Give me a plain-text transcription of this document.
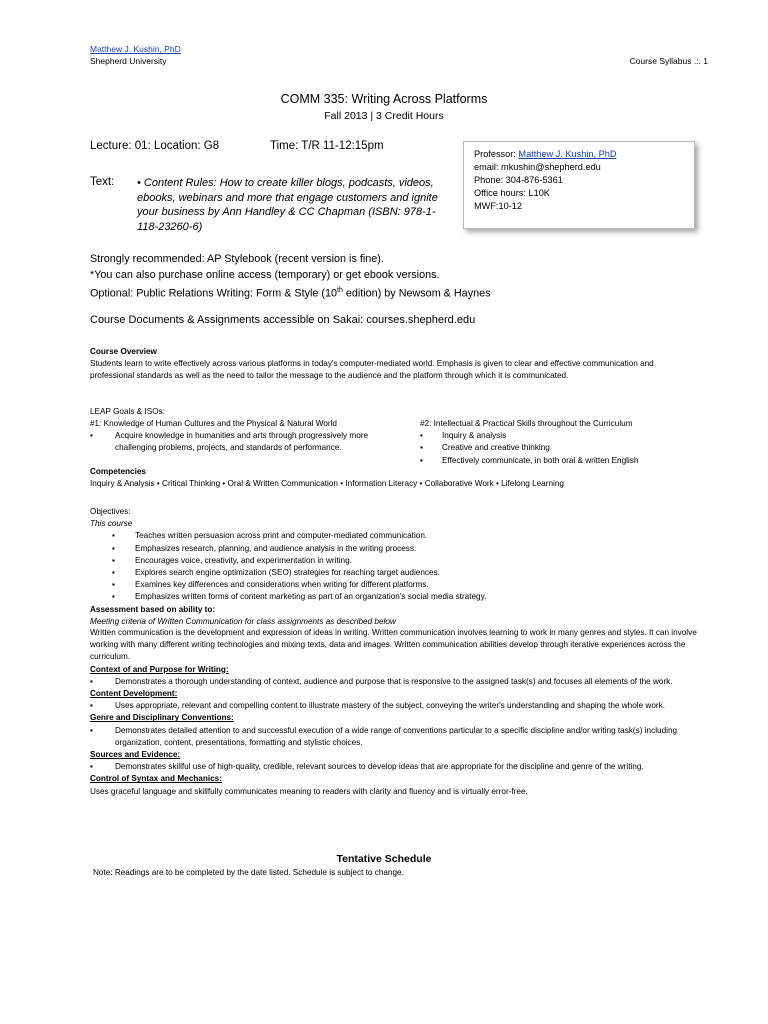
Matthew J. Kushin, PhD
Shepherd University	Course Syllabus .:. 1
COMM 335: Writing Across Platforms
Fall 2013 | 3 Credit Hours
Lecture: 01: Location: G8	Time: T/R 11-12:15pm
Text: • Content Rules: How to create killer blogs, podcasts, videos, ebooks, webinars and more that engage customers and ignite your business by Ann Handley & CC Chapman (ISBN: 978-1-118-23260-6)
Professor: Matthew J. Kushin, PhD
email: mkushin@shepherd.edu
Phone: 304-876-5361
Office hours: L10K
MWF:10-12
Strongly recommended: AP Stylebook (recent version is fine).
*You can also purchase online access (temporary) or get ebook versions.
Optional: Public Relations Writing: Form & Style (10th edition) by Newsom & Haynes
Course Documents & Assignments accessible on Sakai: courses.shepherd.edu
Course Overview
Students learn to write effectively across various platforms in today's computer-mediated world. Emphasis is given to clear and effective communication and professional standards as well as the need to tailor the message to the audience and the platform through which it is communicated.
LEAP Goals & ISOs:
#1: Knowledge of Human Cultures and the Physical & Natural World
▪ Acquire knowledge in humanities and arts through progressively more challenging problems, projects, and standards of performance.
#2: Intellectual & Practical Skills throughout the Curriculum
▪ Inquiry & analysis
▪ Creative and creative thinking
▪ Effectively communicate, in both oral & written English
Competencies
Inquiry & Analysis • Critical Thinking • Oral & Written Communication • Information Literacy • Collaborative Work • Lifelong Learning
Objectives:
This course
▪ Teaches written persuasion across print and computer-mediated communication.
▪ Emphasizes research, planning, and audience analysis in the writing process.
▪ Encourages voice, creativity, and experimentation in writing.
▪ Explores search engine optimization (SEO) strategies for reaching target audiences.
▪ Examines key differences and considerations when writing for different platforms.
▪ Emphasizes written forms of content marketing as part of an organization's social media strategy.
Assessment based on ability to:
Meeting criteria of Written Communication for class assignments as described below
Written communication is the development and expression of ideas in writing. Written communication involves learning to work in many genres and styles. It can involve working with many different writing technologies and mixing texts, data and images. Written communication abilities develop through iterative experiences across the curriculum.
Context of and Purpose for Writing:
▪ Demonstrates a thorough understanding of context, audience and purpose that is responsive to the assigned task(s) and focuses all elements of the work.
Content Development:
▪ Uses appropriate, relevant and compelling content to illustrate mastery of the subject, conveying the writer's understanding and shaping the whole work.
Genre and Disciplinary Conventions:
▪ Demonstrates detailed attention to and successful execution of a wide range of conventions particular to a specific discipline and/or writing task(s) including organization, content, presentations, formatting and stylistic choices.
Sources and Evidence:
▪ Demonstrates skillful use of high-quality, credible, relevant sources to develop ideas that are appropriate for the discipline and genre of the writing.
Control of Syntax and Mechanics:
Uses graceful language and skillfully communicates meaning to readers with clarity and fluency and is virtually error-free.
Tentative Schedule
Note: Readings are to be completed by the date listed. Schedule is subject to change.
